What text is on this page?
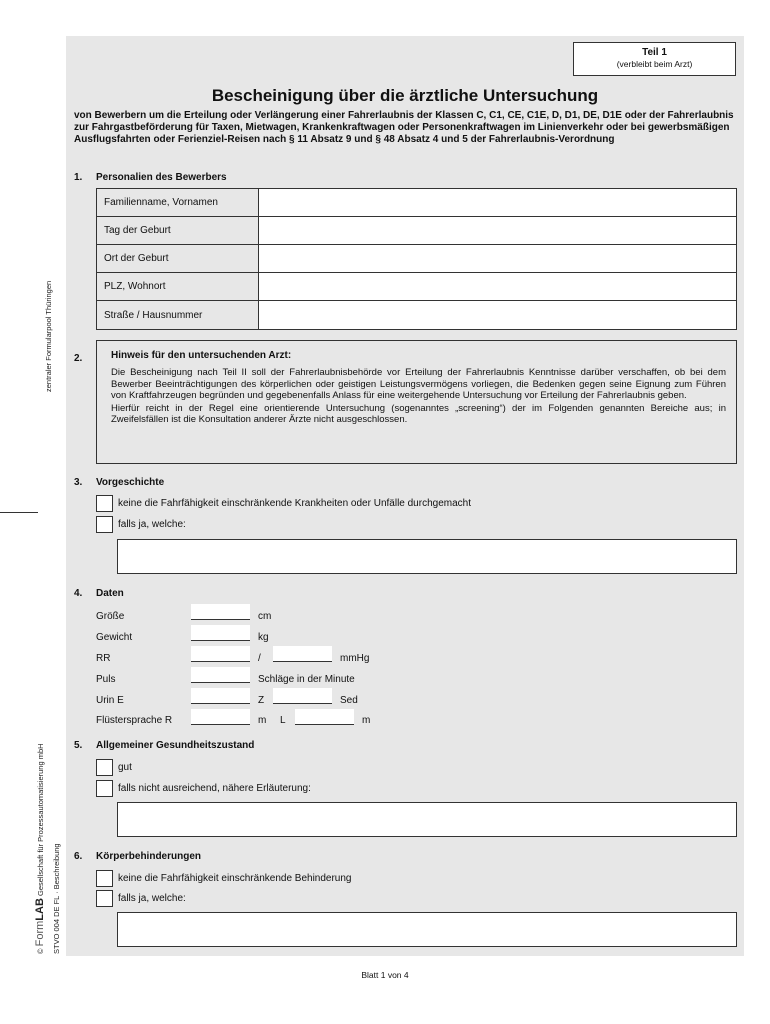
Teil 1
(verbleibt beim Arzt)
Bescheinigung über die ärztliche Untersuchung
von Bewerbern um die Erteilung oder Verlängerung einer Fahrerlaubnis der Klassen C, C1, CE, C1E, D, D1, DE, D1E oder der Fahrerlaubnis zur Fahrgastbeförderung für Taxen, Mietwagen, Krankenkraftwagen oder Personenkraftwagen im Linienverkehr oder bei gewerbsmäßigen Ausflugsfahrten oder Ferienziel-Reisen nach § 11 Absatz 9 und § 48 Absatz 4 und 5 der Fahrerlaubnis-Verordnung
1. Personalien des Bewerbers
Familienname, Vornamen
Tag der Geburt
Ort der Geburt
PLZ, Wohnort
Straße / Hausnummer
2.	Hinweis für den untersuchenden Arzt:
Die Bescheinigung nach Teil II soll der Fahrerlaubnisbehörde vor Erteilung der Fahrerlaubnis Kenntnisse darüber verschaffen, ob bei dem Bewerber Beeinträchtigungen des körperlichen oder geistigen Leistungsvermögens vorliegen, die Bedenken gegen seine Eignung zum Führen von Kraftfahrzeugen begründen und gegebenenfalls Anlass für eine weitergehende Untersuchung vor Erteilung der Fahrerlaubnis geben.
Hierfür reicht in der Regel eine orientierende Untersuchung (sogenanntes „screening“) der im Folgenden genannten Bereiche aus; in Zweifelsfällen ist die Konsultation anderer Ärzte nicht ausgeschlossen.
3. Vorgeschichte
keine die Fahrfähigkeit einschränkende Krankheiten oder Unfälle durchgemacht
falls ja, welche:
4. Daten
Größe	cm
Gewicht	kg
RR	/	mmHg
Puls	Schläge in der Minute
Urin E	Z	Sed
Flüstersprache R	m L	m
5. Allgemeiner Gesundheitszustand
gut
falls nicht ausreichend, nähere Erläuterung:
6. Körperbehinderungen
keine die Fahrfähigkeit einschränkende Behinderung
falls ja, welche:
Blatt 1 von 4
zentraler Formularpool Thüringen
© FormLAB Gesellschaft für Prozessautomatisierung mbH
STVO 004 DE FL · Beschreibung
